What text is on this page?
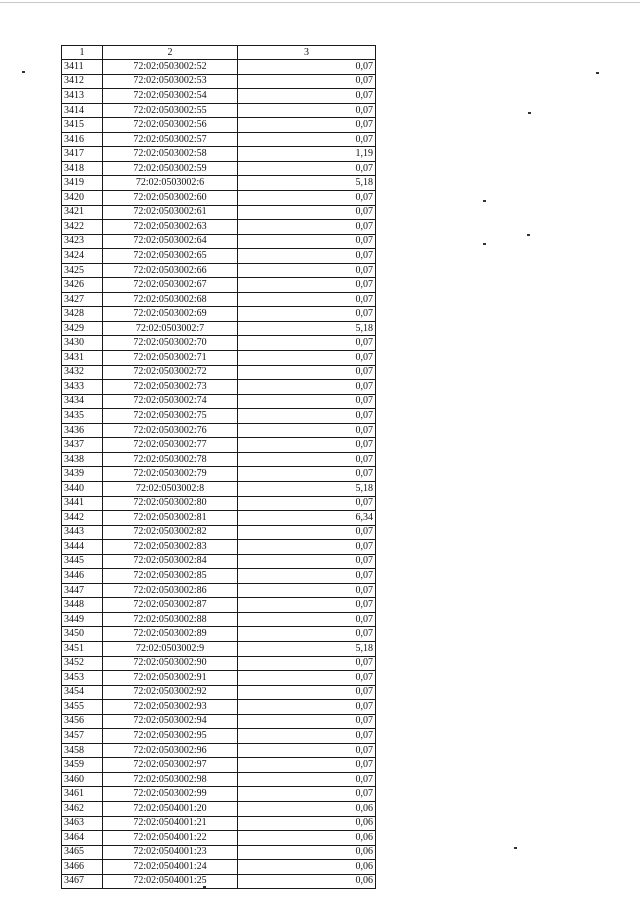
1	2	3
3411	72:02:0503002:52	0,07
3412	72:02:0503002:53	0,07
3413	72:02:0503002:54	0,07
3414	72:02:0503002:55	0,07
3415	72:02:0503002:56	0,07
3416	72:02:0503002:57	0,07
3417	72:02:0503002:58	1,19
3418	72:02:0503002:59	0,07
3419	72:02:0503002:6	5,18
3420	72:02:0503002:60	0,07
3421	72:02:0503002:61	0,07
3422	72:02:0503002:63	0,07
3423	72:02:0503002:64	0,07
3424	72:02:0503002:65	0,07
3425	72:02:0503002:66	0,07
3426	72:02:0503002:67	0,07
3427	72:02:0503002:68	0,07
3428	72:02:0503002:69	0,07
3429	72:02:0503002:7	5,18
3430	72:02:0503002:70	0,07
3431	72:02:0503002:71	0,07
3432	72:02:0503002:72	0,07
3433	72:02:0503002:73	0,07
3434	72:02:0503002:74	0,07
3435	72:02:0503002:75	0,07
3436	72:02:0503002:76	0,07
3437	72:02:0503002:77	0,07
3438	72:02:0503002:78	0,07
3439	72:02:0503002:79	0,07
3440	72:02:0503002:8	5,18
3441	72:02:0503002:80	0,07
3442	72:02:0503002:81	6,34
3443	72:02:0503002:82	0,07
3444	72:02:0503002:83	0,07
3445	72:02:0503002:84	0,07
3446	72:02:0503002:85	0,07
3447	72:02:0503002:86	0,07
3448	72:02:0503002:87	0,07
3449	72:02:0503002:88	0,07
3450	72:02:0503002:89	0,07
3451	72:02:0503002:9	5,18
3452	72:02:0503002:90	0,07
3453	72:02:0503002:91	0,07
3454	72:02:0503002:92	0,07
3455	72:02:0503002:93	0,07
3456	72:02:0503002:94	0,07
3457	72:02:0503002:95	0,07
3458	72:02:0503002:96	0,07
3459	72:02:0503002:97	0,07
3460	72:02:0503002:98	0,07
3461	72:02:0503002:99	0,07
3462	72:02:0504001:20	0,06
3463	72:02:0504001:21	0,06
3464	72:02:0504001:22	0,06
3465	72:02:0504001:23	0,06
3466	72:02:0504001:24	0,06
3467	72:02:0504001:25	0,06
